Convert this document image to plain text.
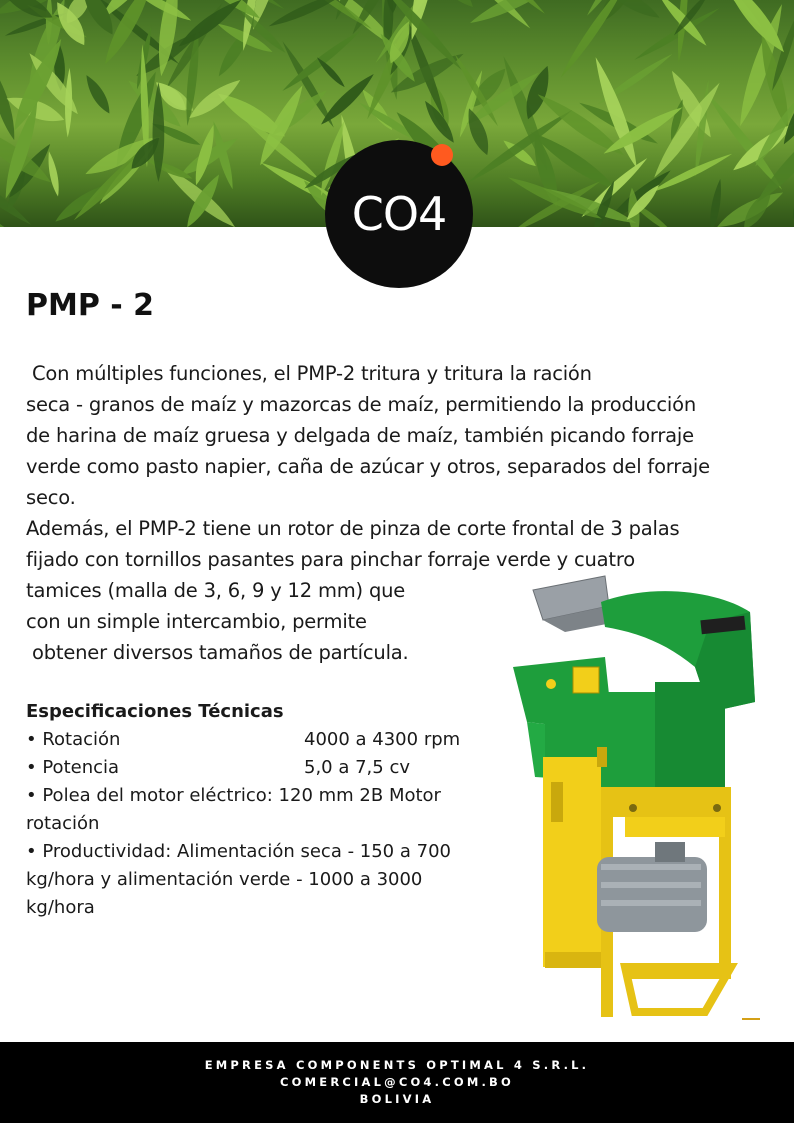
CO4
PMP - 2

Con múltiples funciones, el PMP-2 tritura y tritura la ración

seca - granos de maíz y mazorcas de maíz, permitiendo la producción

de harina de maíz gruesa y delgada de maíz, también picando forraje

verde como pasto napier, caña de azúcar y otros, separados del forraje

seco.

Además, el PMP-2 tiene un rotor de pinza de corte frontal de 3 palas

fijado con tornillos pasantes para pinchar forraje verde y cuatro

tamices (malla de 3, 6, 9 y 12 mm) que

con un simple intercambio, permite

obtener diversos tamaños de partícula.

Especificaciones Técnicas
• Rotación	4000 a 4300 rpm
• Potencia	5,0 a 7,5 cv
• Polea del motor eléctrico: 120 mm 2B Motor
rotación
• Productividad: Alimentación seca - 150 a 700
kg/hora y alimentación verde - 1000 a 3000
kg/hora
EMPRESA COMPONENTS OPTIMAL 4 S.R.L.
COMERCIAL@CO4.COM.BO
BOLIVIA
